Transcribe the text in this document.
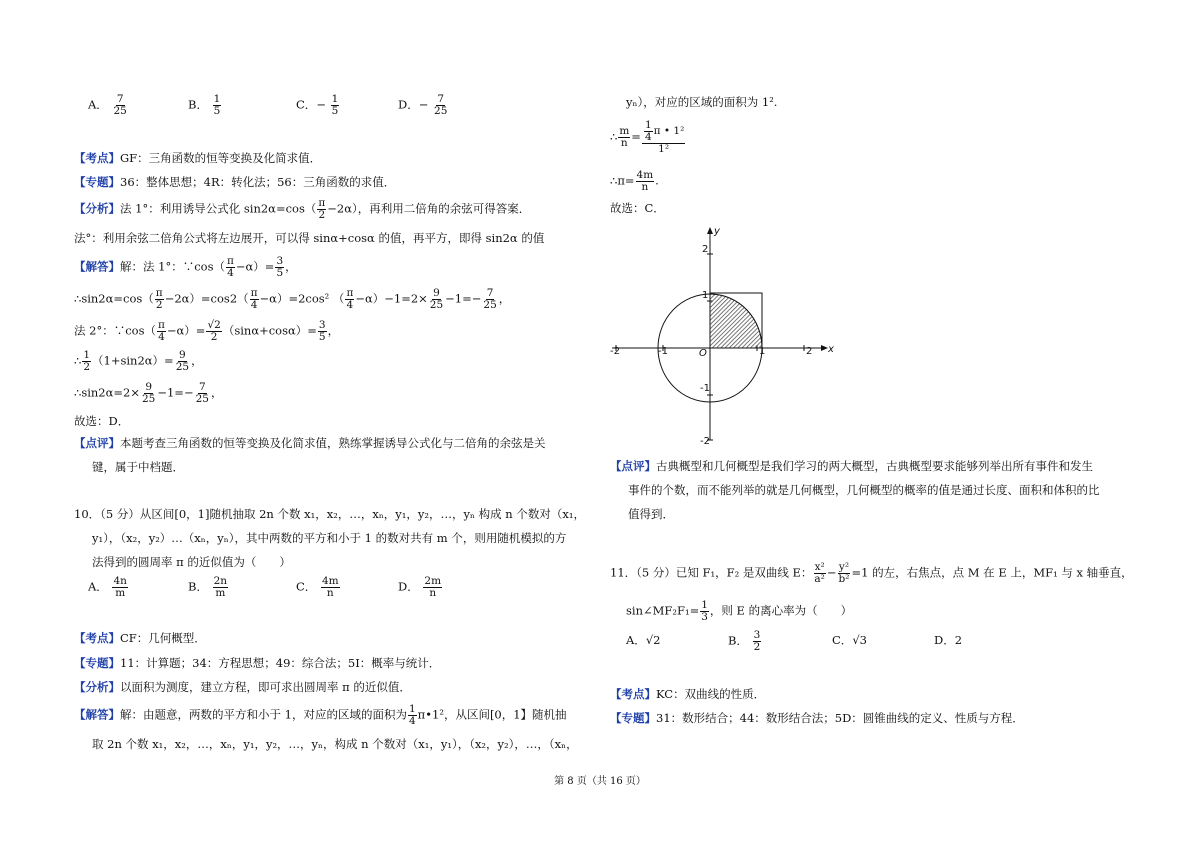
A． $\frac{7}{25}$	B． $\frac{1}{5}$	C．− $\frac{1}{5}$	D．− $\frac{7}{25}$
【考点】GF：三角函数的恒等变换及化简求值．
【专题】36：整体思想；4R：转化法；56：三角函数的求值．
【分析】法 1°：利用诱导公式化 $\sin 2\alpha=\cos( \frac{\pi}{2} -2\alpha)$，再利用二倍角的余弦可得答案．
法°：利用余弦二倍角公式将左边展开，可以得 sinα+cosα 的值，再平方，即得 sin2α 的值
【解答】解：法 1°：∵cos（ $\frac{\pi}{4} -\alpha)= \frac{3}{5}$ ，
∴sin2α=cos（ $\frac{\pi}{2} -2\alpha)=\cos 2( \frac{\pi}{4} -\alpha)=2\cos^2$ （ $\frac{\pi}{4} -\alpha)-1=2\times \frac{9}{25} -1=- \frac{7}{25}$ ，
法 2°：∵cos（ $\frac{\pi}{4} -\alpha)= \frac{√2}{2} (\sin\alpha+\cos\alpha)= \frac{3}{5}$ ，
∴ $\frac{1}{2} (1+\sin 2\alpha)= \frac{9}{25}$ ，
∴sin2α=2× $\frac{9}{25} -1=- \frac{7}{25}$ ，
故选：D．
【点评】本题考查三角函数的恒等变换及化简求值，熟练掌握诱导公式化与二倍角的余弦是关
键，属于中档题．
10．（5 分）从区间[0，1]随机抽取 2n 个数 x₁，x₂，…，xₙ，y₁，y₂，…，yₙ 构成 n 个数对（x₁，
y₁），（x₂，y₂）…（xₙ，yₙ），其中两数的平方和小于 1 的数对共有 m 个，则用随机模拟的方
法得到的圆周率 π 的近似值为（　　）
A． $\frac{4n}{m}$	B． $\frac{2n}{m}$	C． $\frac{4m}{n}$	D． $\frac{2m}{n}$
【考点】CF：几何概型．
【专题】11：计算题；34：方程思想；49：综合法；5I：概率与统计．
【分析】以面积为测度，建立方程，即可求出圆周率 π 的近似值．
【解答】解：由题意，两数的平方和小于 1，对应的区域的面积为 $\frac{1}{4}$ π•1²，从区间[0，1】随机抽
取 2n 个数 x₁，x₂，…，xₙ，y₁，y₂，…，yₙ，构成 n 个数对（x₁，y₁），（x₂，y₂），…，（xₙ，
yₙ），对应的区域的面积为 1².
∴ $\frac{m}{n} = \frac{\frac{1}{4} \pi • 1^2}{\text{1²}}$
∴π= $\frac{4m}{n}$ .
故选：C．
y
x
O
2
1
-1
-2
-2	-1	1	2
【点评】古典概型和几何概型是我们学习的两大概型，古典概型要求能够列举出所有事件和发生
事件的个数，而不能列举的就是几何概型，几何概型的概率的值是通过长度、面积和体积的比
值得到．
11．（5 分）已知 F₁，F₂ 是双曲线 E： $\frac{\text{x²}}{\text{a²}} - \frac{\text{y²}}{\text{b²}} =1$ 的左，右焦点，点 M 在 E 上，MF₁ 与 x 轴垂直，
sin∠MF₂F₁= $\frac{1}{3}$ ，则 E 的离心率为（　　）
A．√2	B． $\frac{3}{2}$	C．√3	D．2
【考点】KC：双曲线的性质．
【专题】31：数形结合；44：数形结合法；5D：圆锥曲线的定义、性质与方程．
第 8 页（共 16 页）
